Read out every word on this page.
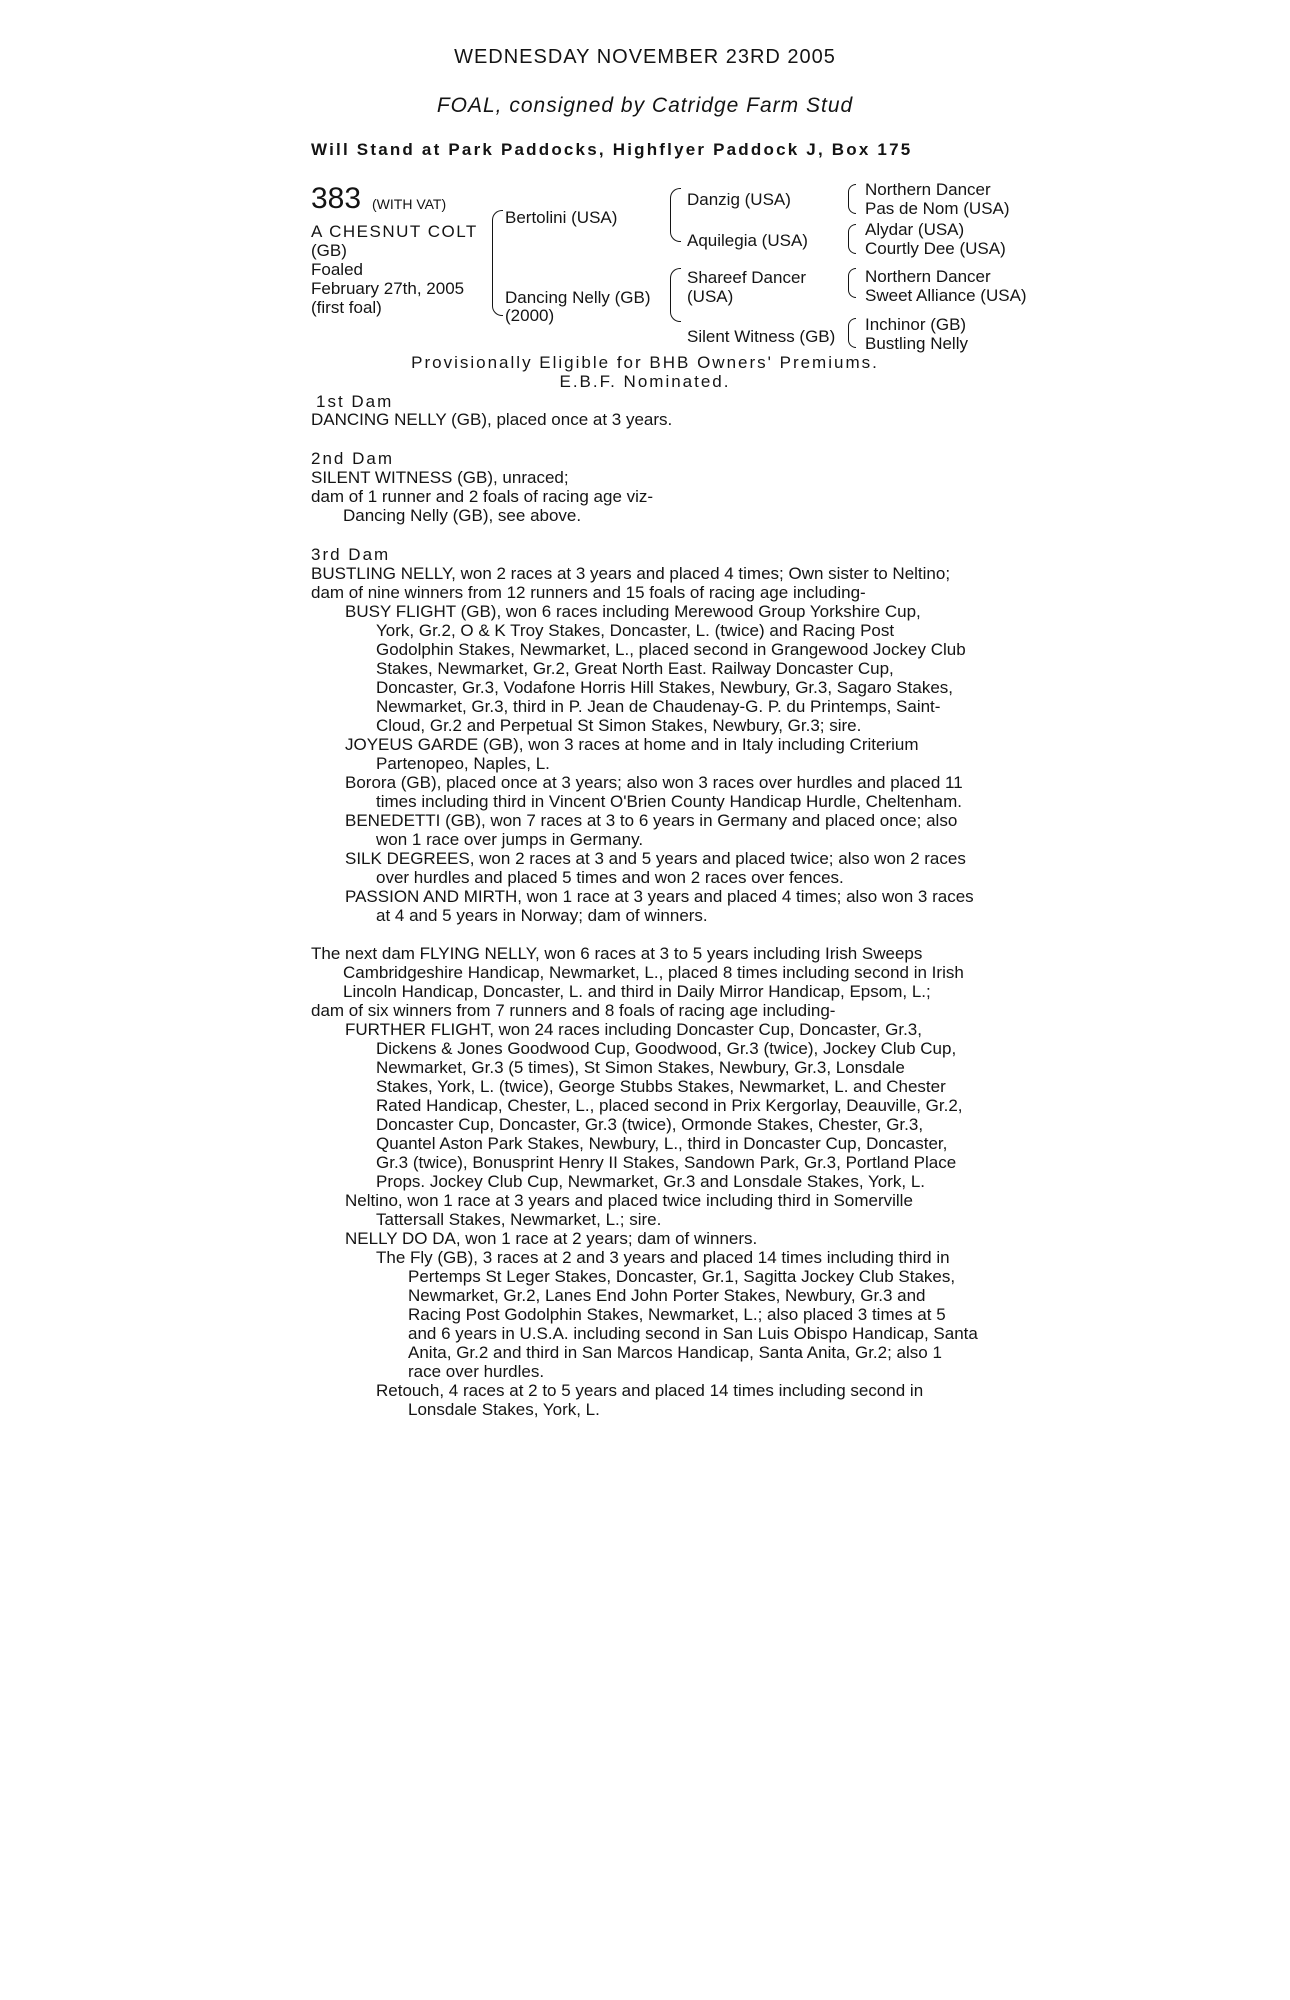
WEDNESDAY NOVEMBER 23RD 2005
FOAL, consigned by Catridge Farm Stud
Will Stand at Park Paddocks, Highflyer Paddock J, Box 175
383 (WITH VAT)
A CHESNUT COLT
(GB)
Foaled
February 27th, 2005
(first foal)
Bertolini (USA)
Dancing Nelly (GB)
(2000)
Danzig (USA)
Aquilegia (USA)
Shareef Dancer
(USA)
Silent Witness (GB)
Northern Dancer
Pas de Nom (USA)
Alydar (USA)
Courtly Dee (USA)
Northern Dancer
Sweet Alliance (USA)
Inchinor (GB)
Bustling Nelly
Provisionally Eligible for BHB Owners' Premiums.
E.B.F. Nominated.
1st Dam
DANCING NELLY (GB), placed once at 3 years.
2nd Dam
SILENT WITNESS (GB), unraced;
dam of 1 runner and 2 foals of racing age viz-
Dancing Nelly (GB), see above.
3rd Dam
BUSTLING NELLY, won 2 races at 3 years and placed 4 times; Own sister to Neltino;
dam of nine winners from 12 runners and 15 foals of racing age including-
BUSY FLIGHT (GB), won 6 races including Merewood Group Yorkshire Cup,
York, Gr.2, O & K Troy Stakes, Doncaster, L. (twice) and Racing Post
Godolphin Stakes, Newmarket, L., placed second in Grangewood Jockey Club
Stakes, Newmarket, Gr.2, Great North East. Railway Doncaster Cup,
Doncaster, Gr.3, Vodafone Horris Hill Stakes, Newbury, Gr.3, Sagaro Stakes,
Newmarket, Gr.3, third in P. Jean de Chaudenay-G. P. du Printemps, Saint-
Cloud, Gr.2 and Perpetual St Simon Stakes, Newbury, Gr.3; sire.
JOYEUS GARDE (GB), won 3 races at home and in Italy including Criterium
Partenopeo, Naples, L.
Borora (GB), placed once at 3 years; also won 3 races over hurdles and placed 11
times including third in Vincent O'Brien County Handicap Hurdle, Cheltenham.
BENEDETTI (GB), won 7 races at 3 to 6 years in Germany and placed once; also
won 1 race over jumps in Germany.
SILK DEGREES, won 2 races at 3 and 5 years and placed twice; also won 2 races
over hurdles and placed 5 times and won 2 races over fences.
PASSION AND MIRTH, won 1 race at 3 years and placed 4 times; also won 3 races
at 4 and 5 years in Norway; dam of winners.
The next dam FLYING NELLY, won 6 races at 3 to 5 years including Irish Sweeps
Cambridgeshire Handicap, Newmarket, L., placed 8 times including second in Irish
Lincoln Handicap, Doncaster, L. and third in Daily Mirror Handicap, Epsom, L.;
dam of six winners from 7 runners and 8 foals of racing age including-
FURTHER FLIGHT, won 24 races including Doncaster Cup, Doncaster, Gr.3,
Dickens & Jones Goodwood Cup, Goodwood, Gr.3 (twice), Jockey Club Cup,
Newmarket, Gr.3 (5 times), St Simon Stakes, Newbury, Gr.3, Lonsdale
Stakes, York, L. (twice), George Stubbs Stakes, Newmarket, L. and Chester
Rated Handicap, Chester, L., placed second in Prix Kergorlay, Deauville, Gr.2,
Doncaster Cup, Doncaster, Gr.3 (twice), Ormonde Stakes, Chester, Gr.3,
Quantel Aston Park Stakes, Newbury, L., third in Doncaster Cup, Doncaster,
Gr.3 (twice), Bonusprint Henry II Stakes, Sandown Park, Gr.3, Portland Place
Props. Jockey Club Cup, Newmarket, Gr.3 and Lonsdale Stakes, York, L.
Neltino, won 1 race at 3 years and placed twice including third in Somerville
Tattersall Stakes, Newmarket, L.; sire.
NELLY DO DA, won 1 race at 2 years; dam of winners.
The Fly (GB), 3 races at 2 and 3 years and placed 14 times including third in
Pertemps St Leger Stakes, Doncaster, Gr.1, Sagitta Jockey Club Stakes,
Newmarket, Gr.2, Lanes End John Porter Stakes, Newbury, Gr.3 and
Racing Post Godolphin Stakes, Newmarket, L.; also placed 3 times at 5
and 6 years in U.S.A. including second in San Luis Obispo Handicap, Santa
Anita, Gr.2 and third in San Marcos Handicap, Santa Anita, Gr.2; also 1
race over hurdles.
Retouch, 4 races at 2 to 5 years and placed 14 times including second in
Lonsdale Stakes, York, L.
